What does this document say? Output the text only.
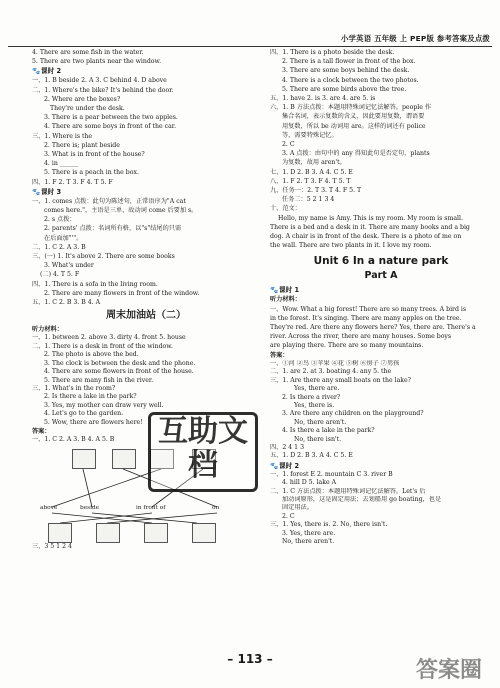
小学英语 五年级 上 PEP版 参考答案及点拨
4. There are some fish in the water.
5. There are two plants near the window.
🐾课时 2
一、1. B beside 2. A 3. C behind 4. D above
二、1. Where's the bike? It's behind the door.
2. Where are the boxes?
They're under the desk.
3. There is a pear between the two apples.
4. There are some boys in front of the car.
三、1. Where is the
2. There is; plant beside
3. What is in front of the house?
4. in ______
5. There is a peach in the box.
四、1. F 2. T 3. F 4. T 5. F
🐾课时 3
一、1. comes 点拨：此句为陈述句，正常语序为"A cat
comes here."，主语是三单，故动词 come 后要加 s。
2. s 点拨：
2. parents' 点拨：名词所有格，以"s"结尾的只需
在后面加"'"。
二、1. C 2. A 3. B
三、(一) 1. It's above 2. There are some books
3. What's under
(二) 4. T 5. F
四、1. There is a sofa in the living room.
2. There are many flowers in front of the window.
五、1. C 2. B 3. B 4. A
周末加油站（二）
听力材料：
一、1. between 2. above 3. dirty 4. front 5. house
二、1. There is a desk in front of the window.
2. The photo is above the bed.
3. The clock is between the desk and the phone.
4. There are some flowers in front of the house.
5. There are many fish in the river.
三、1. What's in the room?
2. Is there a lake in the park?
3. Yes, my mother can draw very well.
4. Let's go to the garden.
5. Wow, there are flowers here!
答案：
一、1. C 2. A 3. B 4. A 5. B
above	beside	in front of	on
三、3 5 1 2 4
四、1. There is a photo beside the desk.
2. There is a tall flower in front of the box.
3. There are some boys behind the desk.
4. There is a clock between the two photos.
5. There are some birds above the tree.
五、1. have 2. is 3. are 4. are 5. is
六、1. B 方法点拨：本题用特殊词记忆法解答。people 作
集合名词，表示复数的含义，因此要用复数，谓语要
用复数，所以 be 动词用 are。这样的词还有 police
等，需要特殊记忆。
2. C
3. A 点拨：由句中的 any 得知此句是否定句，plants
为复数，故用 aren't。
七、1. D 2. B 3. A 4. C 5. E
八、1. F 2. T 3. F 4. T 5. T
九、任务一：2. T 3. T 4. F 5. T
任务二：5 2 1 3 4
十、范文：
Hello, my name is Amy. This is my room. My room is small.
There is a bed and a desk in it. There are many books and a big
dog. A chair is in front of the desk. There is a photo of me on
the wall. There are two plants in it. I love my room.
Unit 6 In a nature park
Part A
🐾课时 1
听力材料：
一、Wow. What a big forest! There are so many trees. A bird is
in the forest. It's singing. There are many apples on the tree.
They're red. Are there any flowers here? Yes, there are. There's a
river. Across the river, there are many houses. Some boys
are playing there. There are so many mountains.
答案：
一、①河 ②鸟 ③苹果 ④花 ⑤树 ⑥房子 ⑦男孩
二、1. are 2. at 3. boating 4. any 5. the
三、1. Are there any small boats on the lake?
Yes, there are.
2. Is there a river?
Yes, there is.
3. Are there any children on the playground?
No, there aren't.
4. Is there a lake in the park?
No, there isn't.
四、2 4 1 3
五、1. D 2. B 3. A 4. C 5. E
🐾课时 2
一、1. forest E 2. mountain C 3. river B
4. hill D 5. lake A
二、1. C 方法点拨：本题用特殊词记忆法解答。Let's 后
加动词原形，这是固定用法；去划船用 go boating，也是
固定用法。
2. C
三、1. Yes, there is. 2. No, there isn't.
3. Yes, there are.
No, there aren't.
互助文档
答案圈
– 113 –
